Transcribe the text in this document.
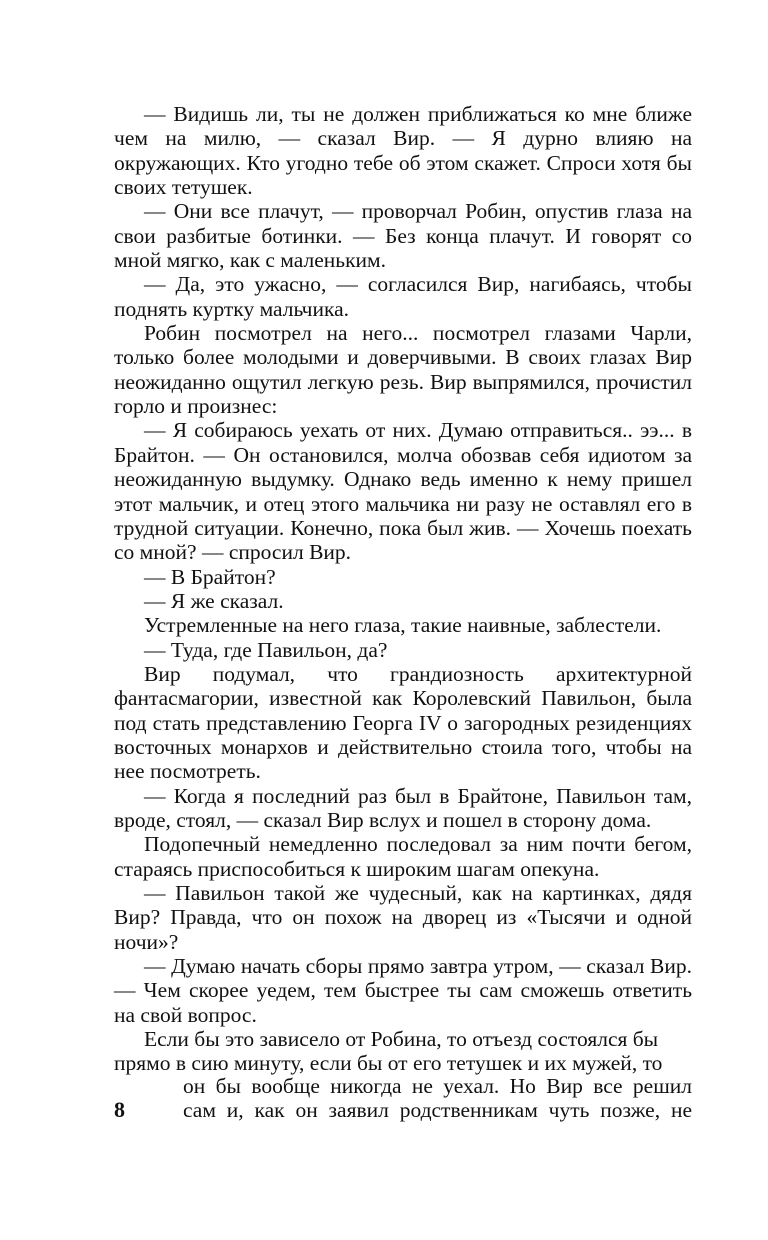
— Видишь ли, ты не должен приближаться ко мне ближе чем на милю, — сказал Вир. — Я дурно влияю на окружающих. Кто угодно тебе об этом скажет. Спроси хотя бы своих тетушек.

— Они все плачут, — проворчал Робин, опустив глаза на свои разбитые ботинки. — Без конца плачут. И говорят со мной мягко, как с маленьким.

— Да, это ужасно, — согласился Вир, нагибаясь, чтобы поднять куртку мальчика.

Робин посмотрел на него... посмотрел глазами Чарли, только более молодыми и доверчивыми. В своих глазах Вир неожиданно ощутил легкую резь. Вир выпрямился, прочистил горло и произнес:

— Я собираюсь уехать от них. Думаю отправиться.. ээ... в Брайтон. — Он остановился, молча обозвав себя идиотом за неожиданную выдумку. Однако ведь именно к нему пришел этот мальчик, и отец этого мальчика ни разу не оставлял его в трудной ситуации. Конечно, пока был жив. — Хочешь поехать со мной? — спросил Вир.

— В Брайтон?

— Я же сказал.

Устремленные на него глаза, такие наивные, заблестели.

— Туда, где Павильон, да?

Вир подумал, что грандиозность архитектурной фантасмагории, известной как Королевский Павильон, была под стать представлению Георга IV о загородных резиденциях восточных монархов и действительно стоила того, чтобы на нее посмотреть.

— Когда я последний раз был в Брайтоне, Павильон там, вроде, стоял, — сказал Вир вслух и пошел в сторону дома.

Подопечный немедленно последовал за ним почти бегом, стараясь приспособиться к широким шагам опекуна.

— Павильон такой же чудесный, как на картинках, дядя Вир? Правда, что он похож на дворец из «Тысячи и одной ночи»?

— Думаю начать сборы прямо завтра утром, — сказал Вир. — Чем скорее уедем, тем быстрее ты сам сможешь ответить на свой вопрос.

Если бы это зависело от Робина, то отъезд состоялся бы прямо в сию минуту, если бы от его тетушек и их мужей, то

он бы вообще никогда не уехал. Но Вир все решил
сам и, как он заявил родственникам чуть позже, не
8
